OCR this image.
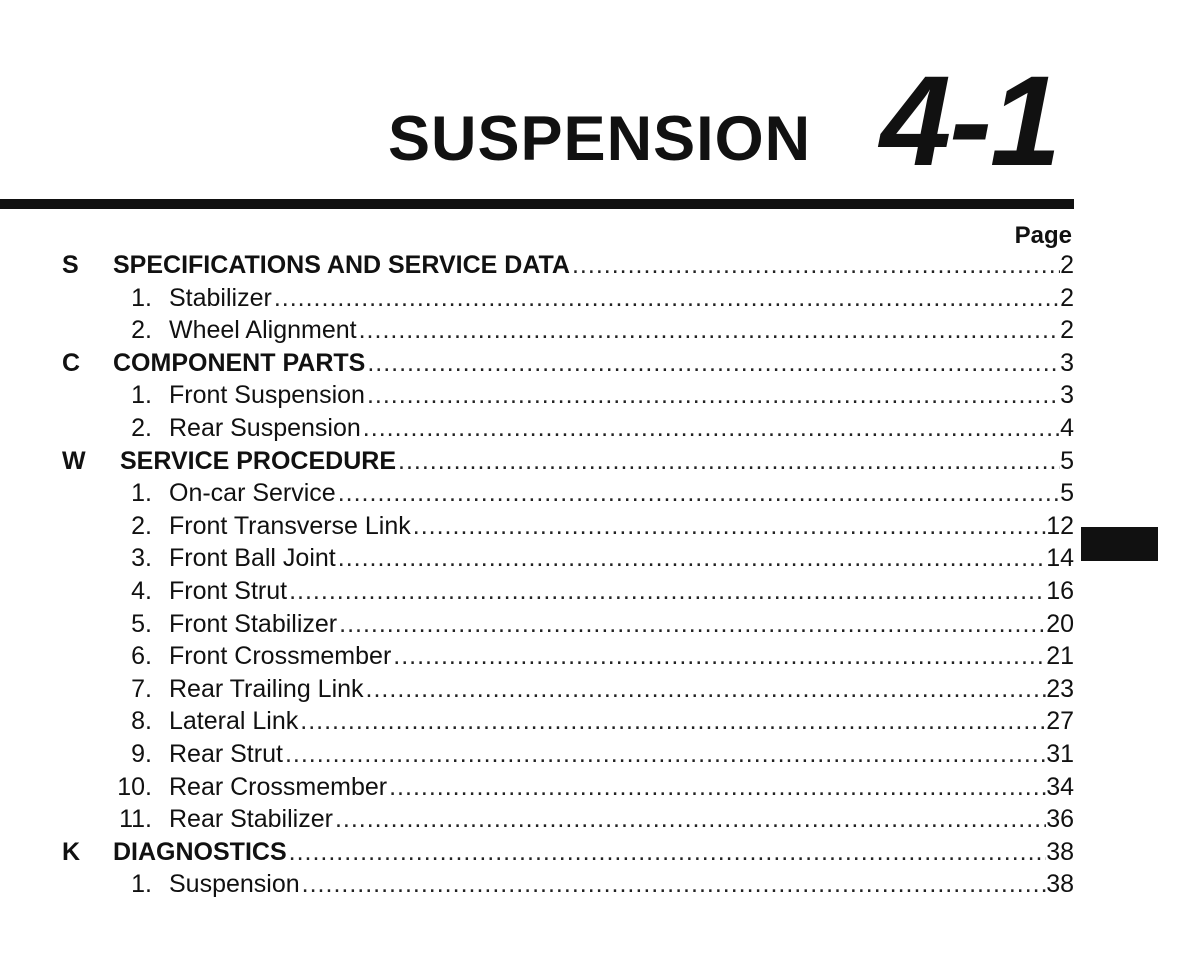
SUSPENSION 4-1
Page
S	SPECIFICATIONS AND SERVICE DATA .....	2
1. Stabilizer .....	2
2. Wheel Alignment .....	2
C	COMPONENT PARTS .....	3
1. Front Suspension .....	3
2. Rear Suspension .....	4
W SERVICE PROCEDURE .....	5
1. On-car Service .....	5
2. Front Transverse Link .....	12
3. Front Ball Joint .....	14
4. Front Strut .....	16
5. Front Stabilizer .....	20
6. Front Crossmember .....	21
7. Rear Trailing Link .....	23
8. Lateral Link .....	27
9. Rear Strut .....	31
10. Rear Crossmember .....	34
11. Rear Stabilizer .....	36
K	DIAGNOSTICS .....	38
1. Suspension .....	38
